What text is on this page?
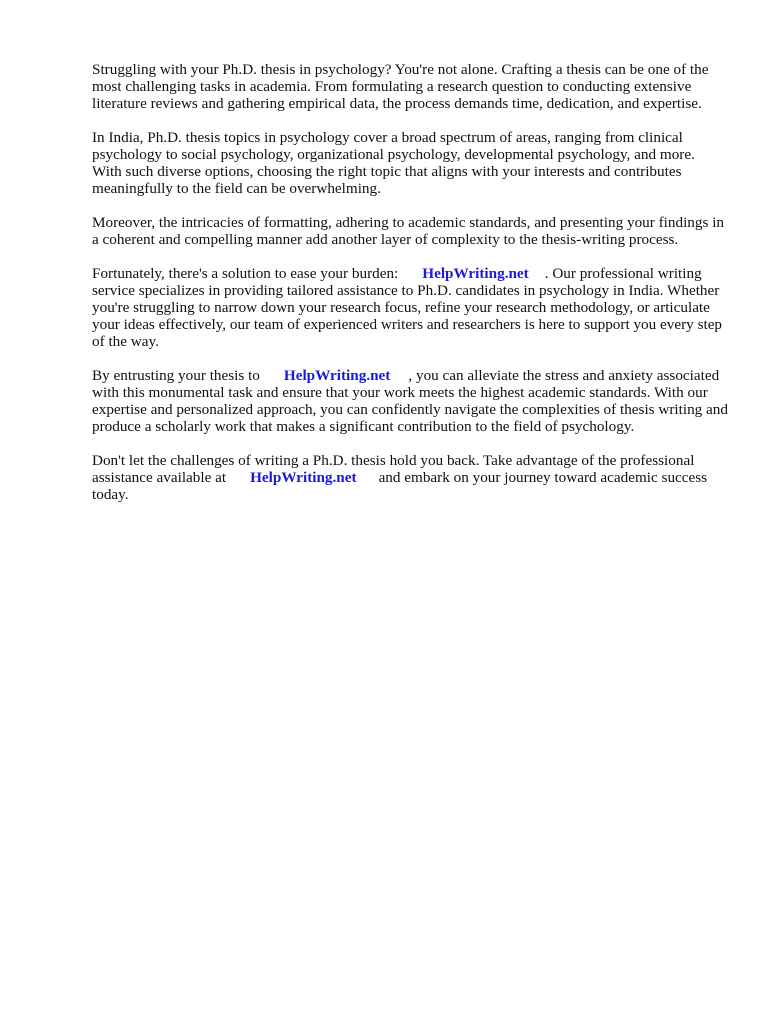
Struggling with your Ph.D. thesis in psychology? You're not alone. Crafting a thesis can be one of the most challenging tasks in academia. From formulating a research question to conducting extensive literature reviews and gathering empirical data, the process demands time, dedication, and expertise.

In India, Ph.D. thesis topics in psychology cover a broad spectrum of areas, ranging from clinical psychology to social psychology, organizational psychology, developmental psychology, and more. With such diverse options, choosing the right topic that aligns with your interests and contributes meaningfully to the field can be overwhelming.

Moreover, the intricacies of formatting, adhering to academic standards, and presenting your findings in a coherent and compelling manner add another layer of complexity to the thesis-writing process.

Fortunately, there's a solution to ease your burden: HelpWriting.net . Our professional writing service specializes in providing tailored assistance to Ph.D. candidates in psychology in India. Whether you're struggling to narrow down your research focus, refine your research methodology, or articulate your ideas effectively, our team of experienced writers and researchers is here to support you every step of the way.

By entrusting your thesis to HelpWriting.net , you can alleviate the stress and anxiety associated with this monumental task and ensure that your work meets the highest academic standards. With our expertise and personalized approach, you can confidently navigate the complexities of thesis writing and produce a scholarly work that makes a significant contribution to the field of psychology.

Don't let the challenges of writing a Ph.D. thesis hold you back. Take advantage of the professional assistance available at HelpWriting.net and embark on your journey toward academic success today.
